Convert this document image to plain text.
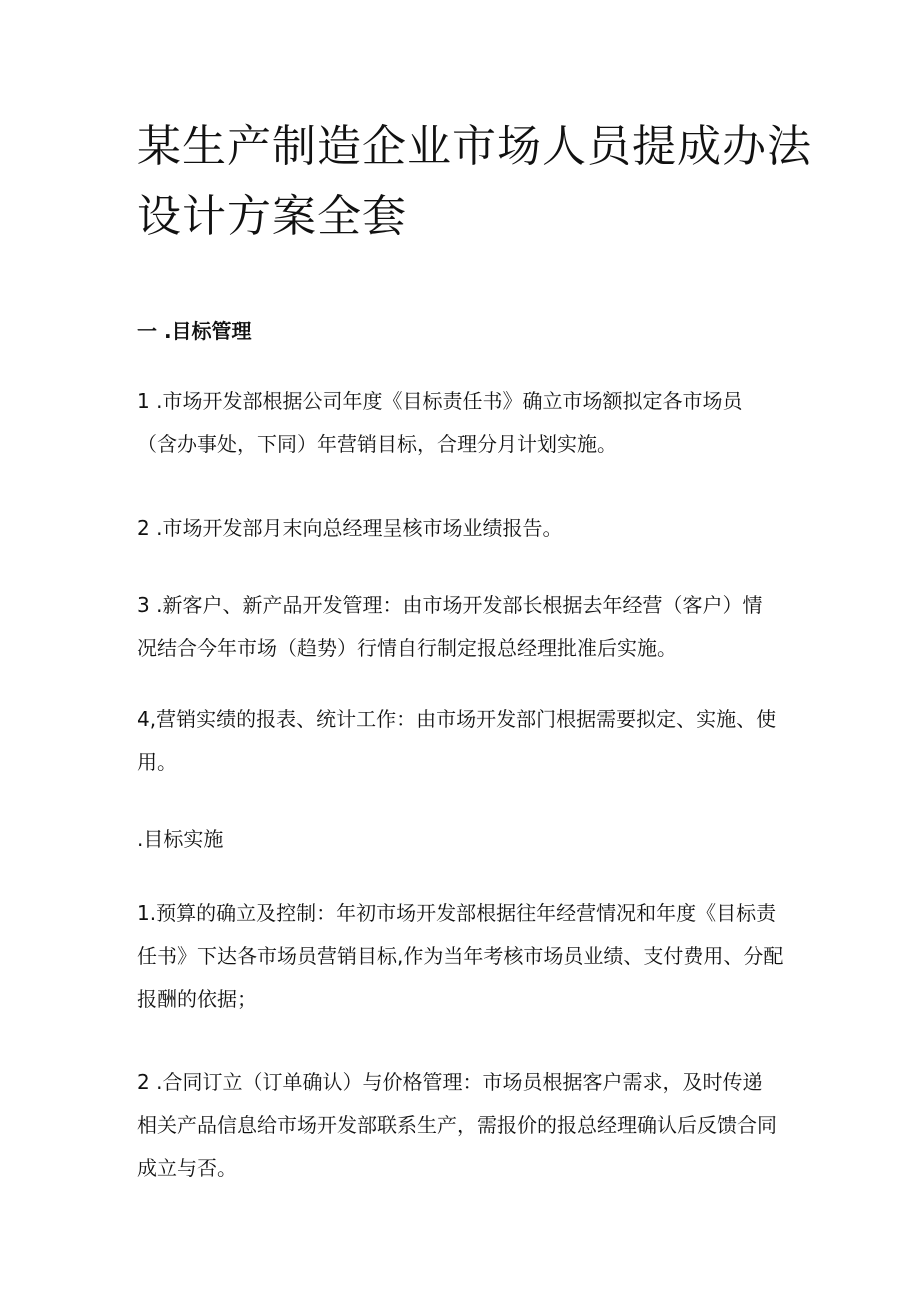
某生产制造企业市场人员提成办法
设计方案全套

一 .目标管理

1 .市场开发部根据公司年度《目标责任书》确立市场额拟定各市场员
（含办事处，下同）年营销目标，合理分月计划实施。

2 .市场开发部月末向总经理呈核市场业绩报告。

3 .新客户、新产品开发管理：由市场开发部长根据去年经营（客户）情
况结合今年市场（趋势）行情自行制定报总经理批准后实施。

4,营销实绩的报表、统计工作：由市场开发部门根据需要拟定、实施、使
用。

.目标实施

1.预算的确立及控制：年初市场开发部根据往年经营情况和年度《目标责
任书》下达各市场员营销目标,作为当年考核市场员业绩、支付费用、分配
报酬的依据；

2 .合同订立（订单确认）与价格管理：市场员根据客户需求，及时传递
相关产品信息给市场开发部联系生产，需报价的报总经理确认后反馈合同
成立与否。
